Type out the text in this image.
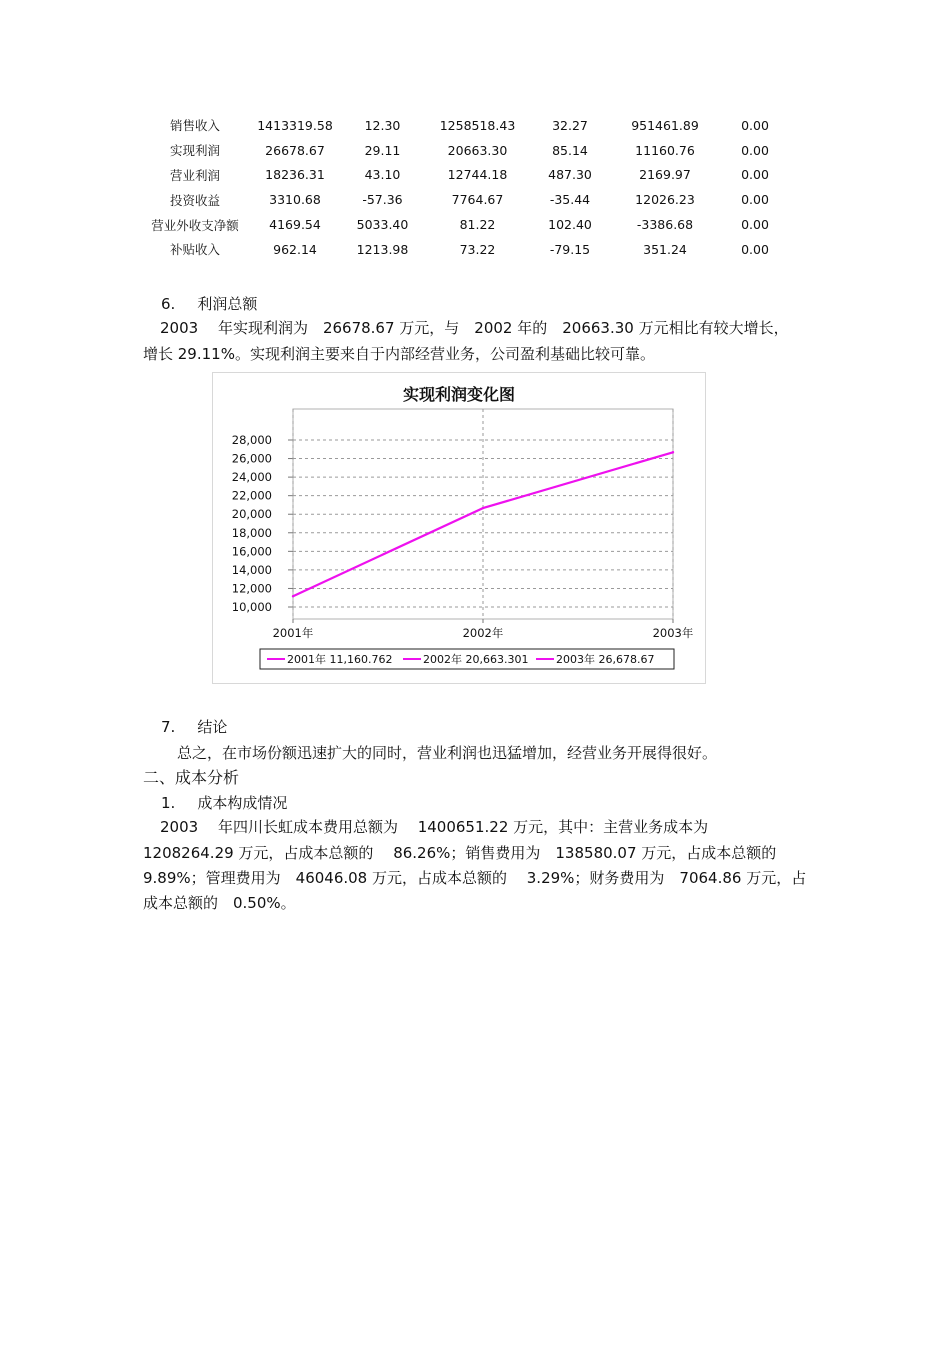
销售收入	1413319.58	12.30	1258518.43	32.27	951461.89	0.00
实现利润	26678.67	29.11	20663.30	85.14	11160.76	0.00
营业利润	18236.31	43.10	12744.18	487.30	2169.97	0.00
投资收益	3310.68	-57.36	7764.67	-35.44	12026.23	0.00
营业外收支净额	4169.54	5033.40	81.22	102.40	-3386.68	0.00
补贴收入	962.14	1213.98	73.22	-79.15	351.24	0.00
6. 利润总额
2003　 年实现利润为　26678.67 万元，与　2002 年的　20663.30 万元相比有较大增长，
增长 29.11%。实现利润主要来自于内部经营业务，公司盈利基础比较可靠。
实现利润变化图
28,000
26,000
24,000
22,000
20,000
18,000
16,000
14,000
12,000
10,000
2001年	2002年	2003年
2001年 11,160.762	2002年 20,663.301	2003年 26,678.67
7. 结论
总之，在市场份额迅速扩大的同时，营业利润也迅猛增加，经营业务开展得很好。
二、成本分析
1. 成本构成情况
2003　 年四川长虹成本费用总额为　 1400651.22 万元，其中：主营业务成本为
1208264.29 万元，占成本总额的　 86.26%；销售费用为　138580.07 万元，占成本总额的
9.89%；管理费用为　46046.08 万元，占成本总额的　 3.29%；财务费用为　7064.86 万元，占
成本总额的　0.50%。
